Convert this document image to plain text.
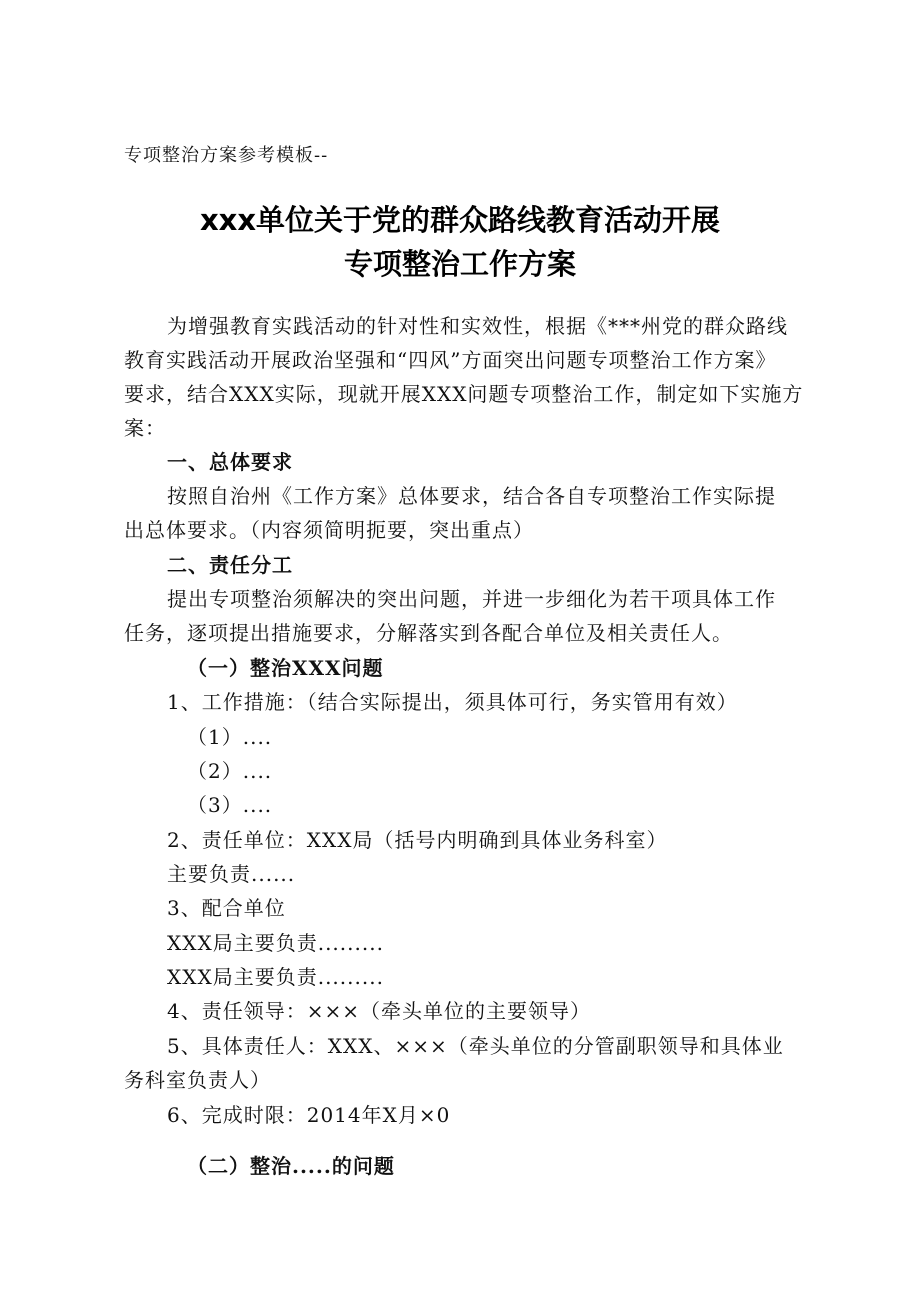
专项整治方案参考模板--
xxx单位关于党的群众路线教育活动开展
专项整治工作方案
为增强教育实践活动的针对性和实效性，根据《***州党的群众路线
教育实践活动开展政治坚强和“四风”方面突出问题专项整治工作方案》
要求，结合XXX实际，现就开展XXX问题专项整治工作，制定如下实施方
案：
一、总体要求
按照自治州《工作方案》总体要求，结合各自专项整治工作实际提
出总体要求。（内容须简明扼要，突出重点）
二、责任分工
提出专项整治须解决的突出问题，并进一步细化为若干项具体工作
任务，逐项提出措施要求，分解落实到各配合单位及相关责任人。
（一）整治XXX问题
1、工作措施：（结合实际提出，须具体可行，务实管用有效）
（1）....
（2）....
（3）....
2、责任单位：XXX局（括号内明确到具体业务科室）
主要负责......
3、配合单位
XXX局主要负责.........
XXX局主要负责.........
4、责任领导：×××（牵头单位的主要领导）
5、具体责任人：XXX、×××（牵头单位的分管副职领导和具体业
务科室负责人）
6、完成时限：2014年X月×0
（二）整治.....的问题
